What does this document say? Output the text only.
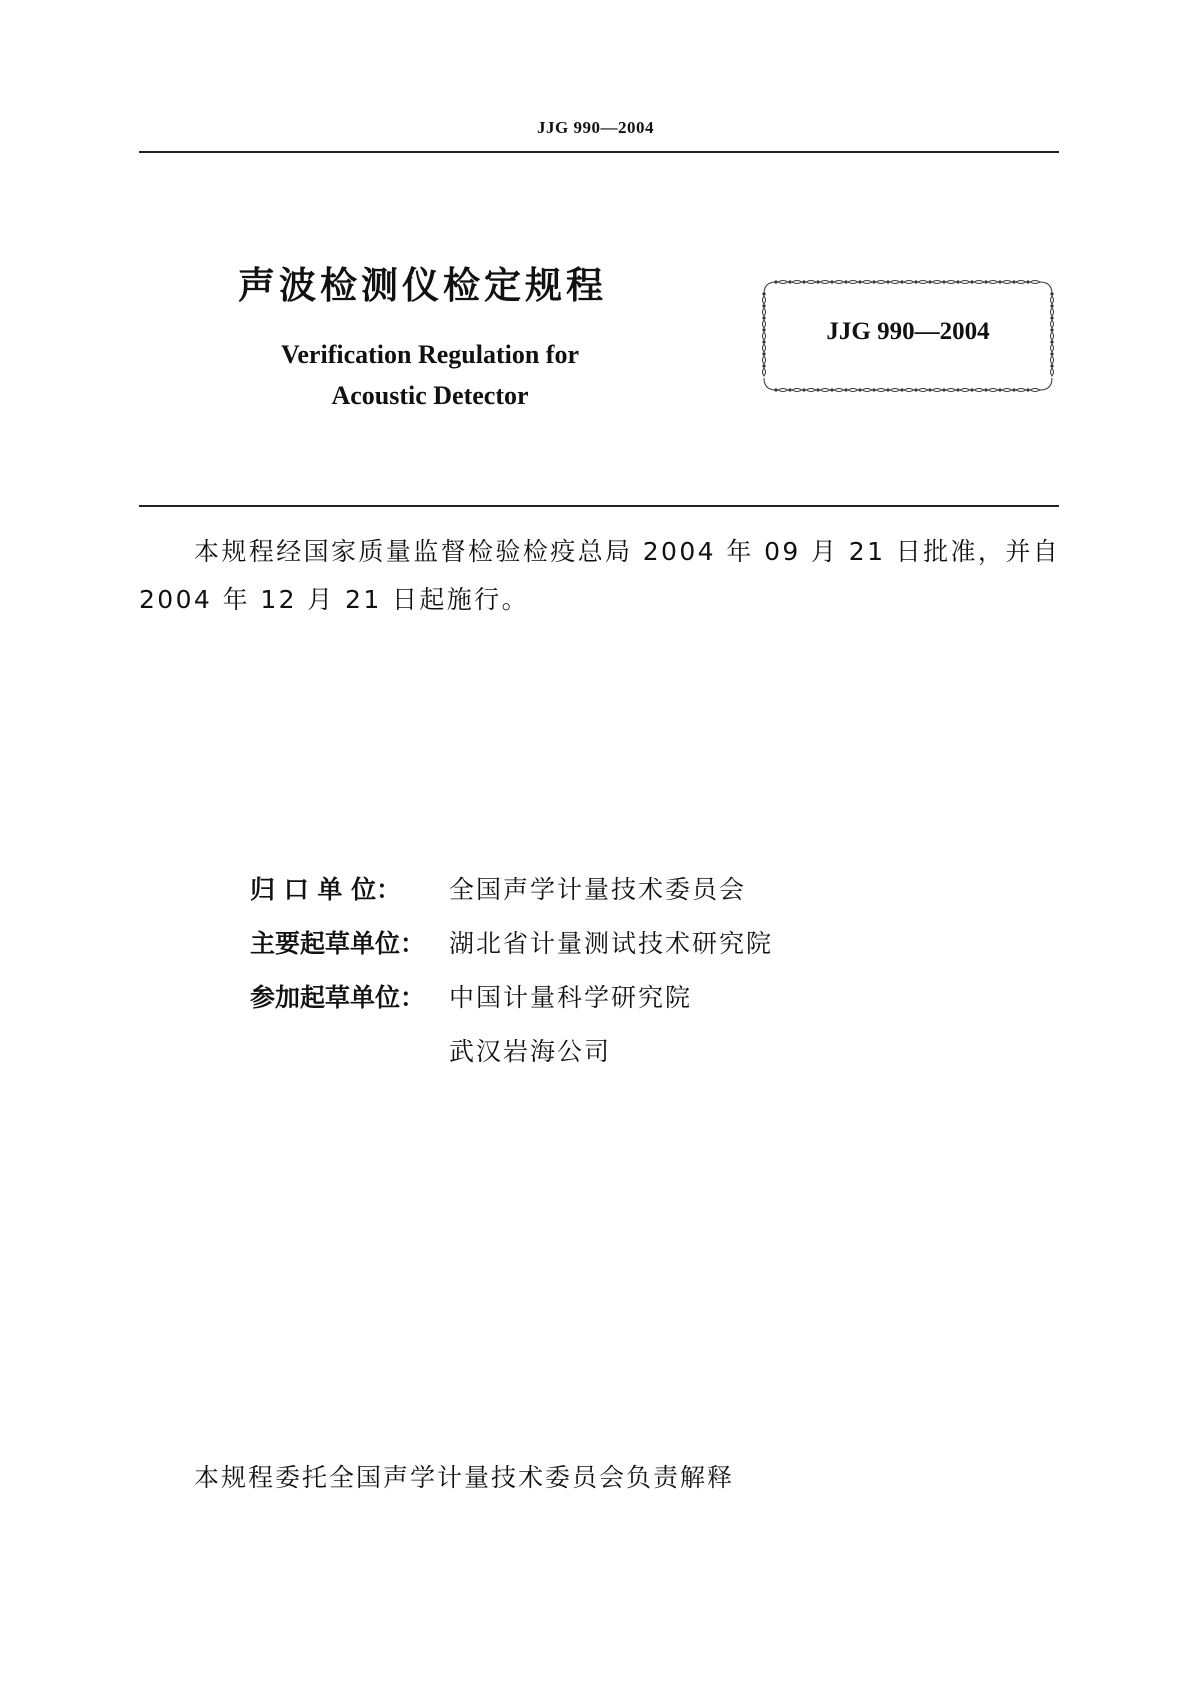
JJG 990—2004
声波检测仪检定规程
Verification Regulation for
Acoustic Detector
JJG 990—2004
本规程经国家质量监督检验检疫总局 2004 年 09 月 21 日批准，并自
2004 年 12 月 21 日起施行。
归 口 单 位： 全国声学计量技术委员会
主要起草单位： 湖北省计量测试技术研究院
参加起草单位： 中国计量科学研究院
武汉岩海公司
本规程委托全国声学计量技术委员会负责解释
